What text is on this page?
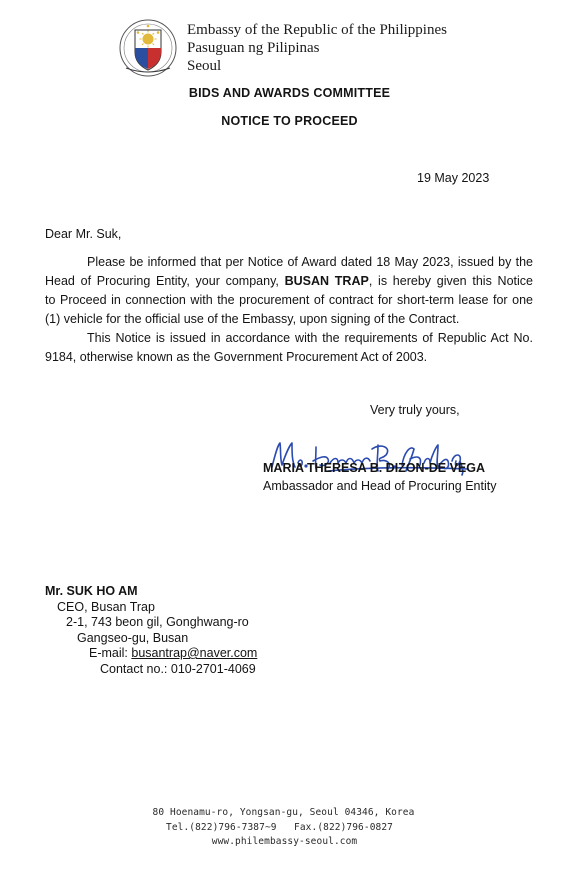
Embassy of the Republic of the Philippines
Pasuguan ng Pilipinas
Seoul
BIDS AND AWARDS COMMITTEE
NOTICE TO PROCEED
19 May 2023
Dear Mr. Suk,
Please be informed that per Notice of Award dated 18 May 2023, issued by the
Head of Procuring Entity, your company, BUSAN TRAP, is hereby given this Notice
to Proceed in connection with the procurement of contract for short-term lease for one
(1) vehicle for the official use of the Embassy, upon signing of the Contract.
This Notice is issued in accordance with the requirements of Republic Act No.
9184, otherwise known as the Government Procurement Act of 2003.
Very truly yours,
MARIA THERESA B. DIZON-DE VEGA
Ambassador and Head of Procuring Entity
Mr. SUK HO AM
CEO, Busan Trap
2-1, 743 beon gil, Gonghwang-ro
Gangseo-gu, Busan
E-mail: busantrap@naver.com
Contact no.: 010-2701-4069
80 Hoenamu-ro, Yongsan-gu, Seoul 04346, Korea
Tel.(822)796-7387~9   Fax.(822)796-0827
www.philembassy-seoul.com
